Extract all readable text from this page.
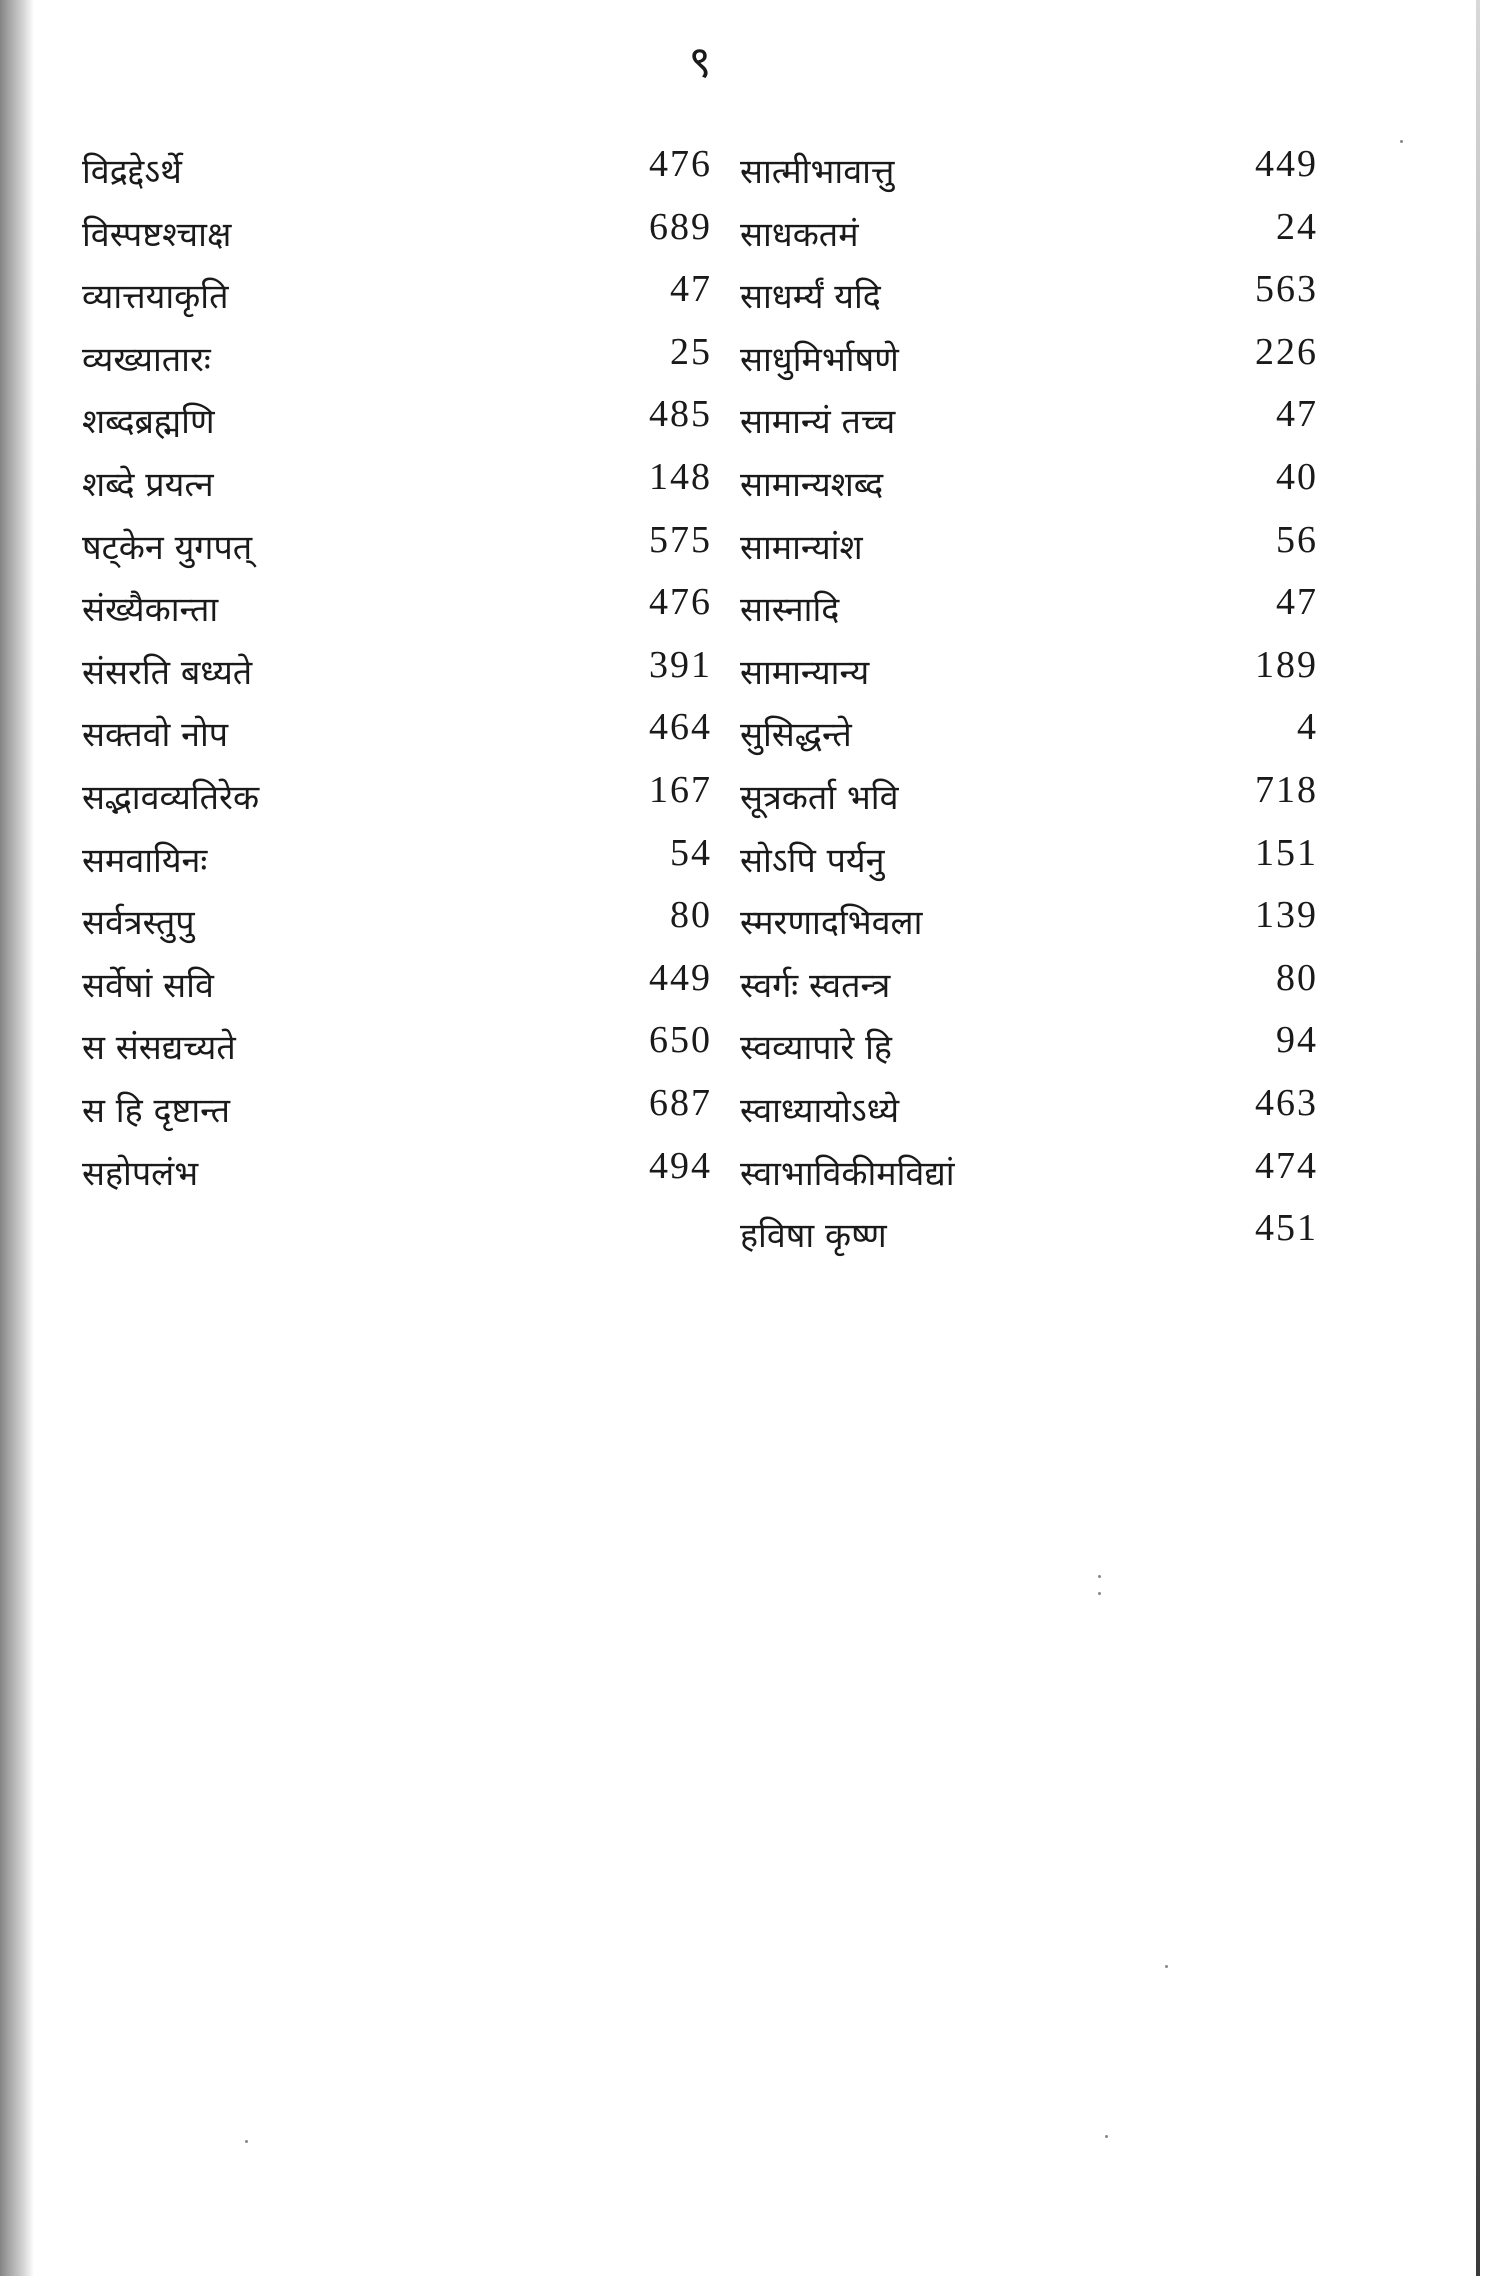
९
विद्रद्देऽर्थे	476
विस्पष्टश्चाक्ष	689
व्यात्तयाकृति	47
व्यख्यातारः	25
शब्दब्रह्मणि	485
शब्दे प्रयत्न	148
षट्केन युगपत्	575
संख्यैकान्ता	476
संसरति बध्यते	391
सक्तवो नोप	464
सद्भावव्यतिरेक	167
समवायिनः	54
सर्वत्रस्तुपु	80
सर्वेषां सवि	449
स संसद्यच्यते	650
स हि दृष्टान्त	687
सहोपलंभ	494
सात्मीभावात्तु	449
साधकतमं	24
साधर्म्यं यदि	563
साधुमिर्भाषणे	226
सामान्यं तच्च	47
सामान्यशब्द	40
सामान्यांश	56
सास्नादि	47
सामान्यान्य	189
सुसिद्धन्ते	4
सूत्रकर्ता भवि	718
सोऽपि पर्यनु	151
स्मरणादभिवला	139
स्वर्गः स्वतन्त्र	80
स्वव्यापारे हि	94
स्वाध्यायोऽध्ये	463
स्वाभाविकीमविद्यां	474
हविषा कृष्ण	451
